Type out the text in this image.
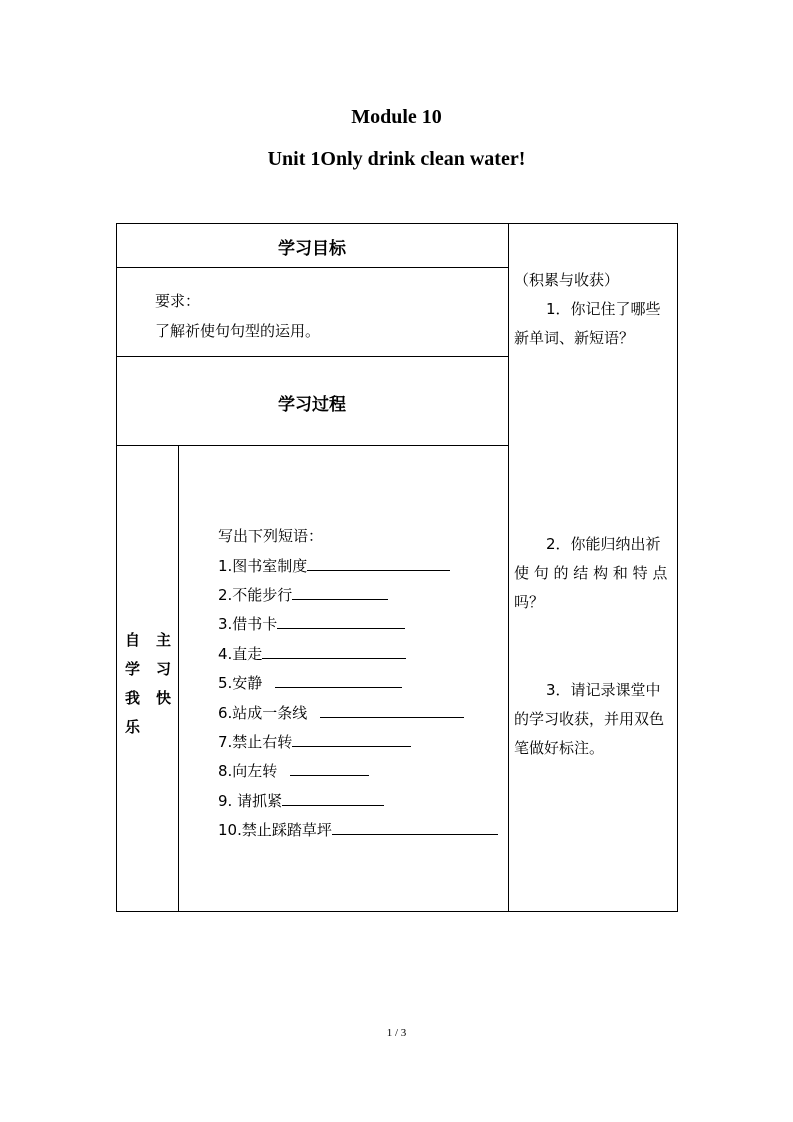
Module 10
Unit 1Only drink clean water!
学习目标
要求：
了解祈使句句型的运用。
学习过程
自
学
我
乐
主
习
快
写出下列短语：
1.图书室制度
2.不能步行
3.借书卡
4.直走
5.安静
6.站成一条线
7.禁止右转
8.向左转
9. 请抓紧
10.禁止踩踏草坪
（积累与收获）
1．你记住了哪些
新单词、新短语？
2．你能归纳出祈
使 句 的 结 构 和 特 点
吗？
3．请记录课堂中
的学习收获，并用双色
笔做好标注。
1 / 3
